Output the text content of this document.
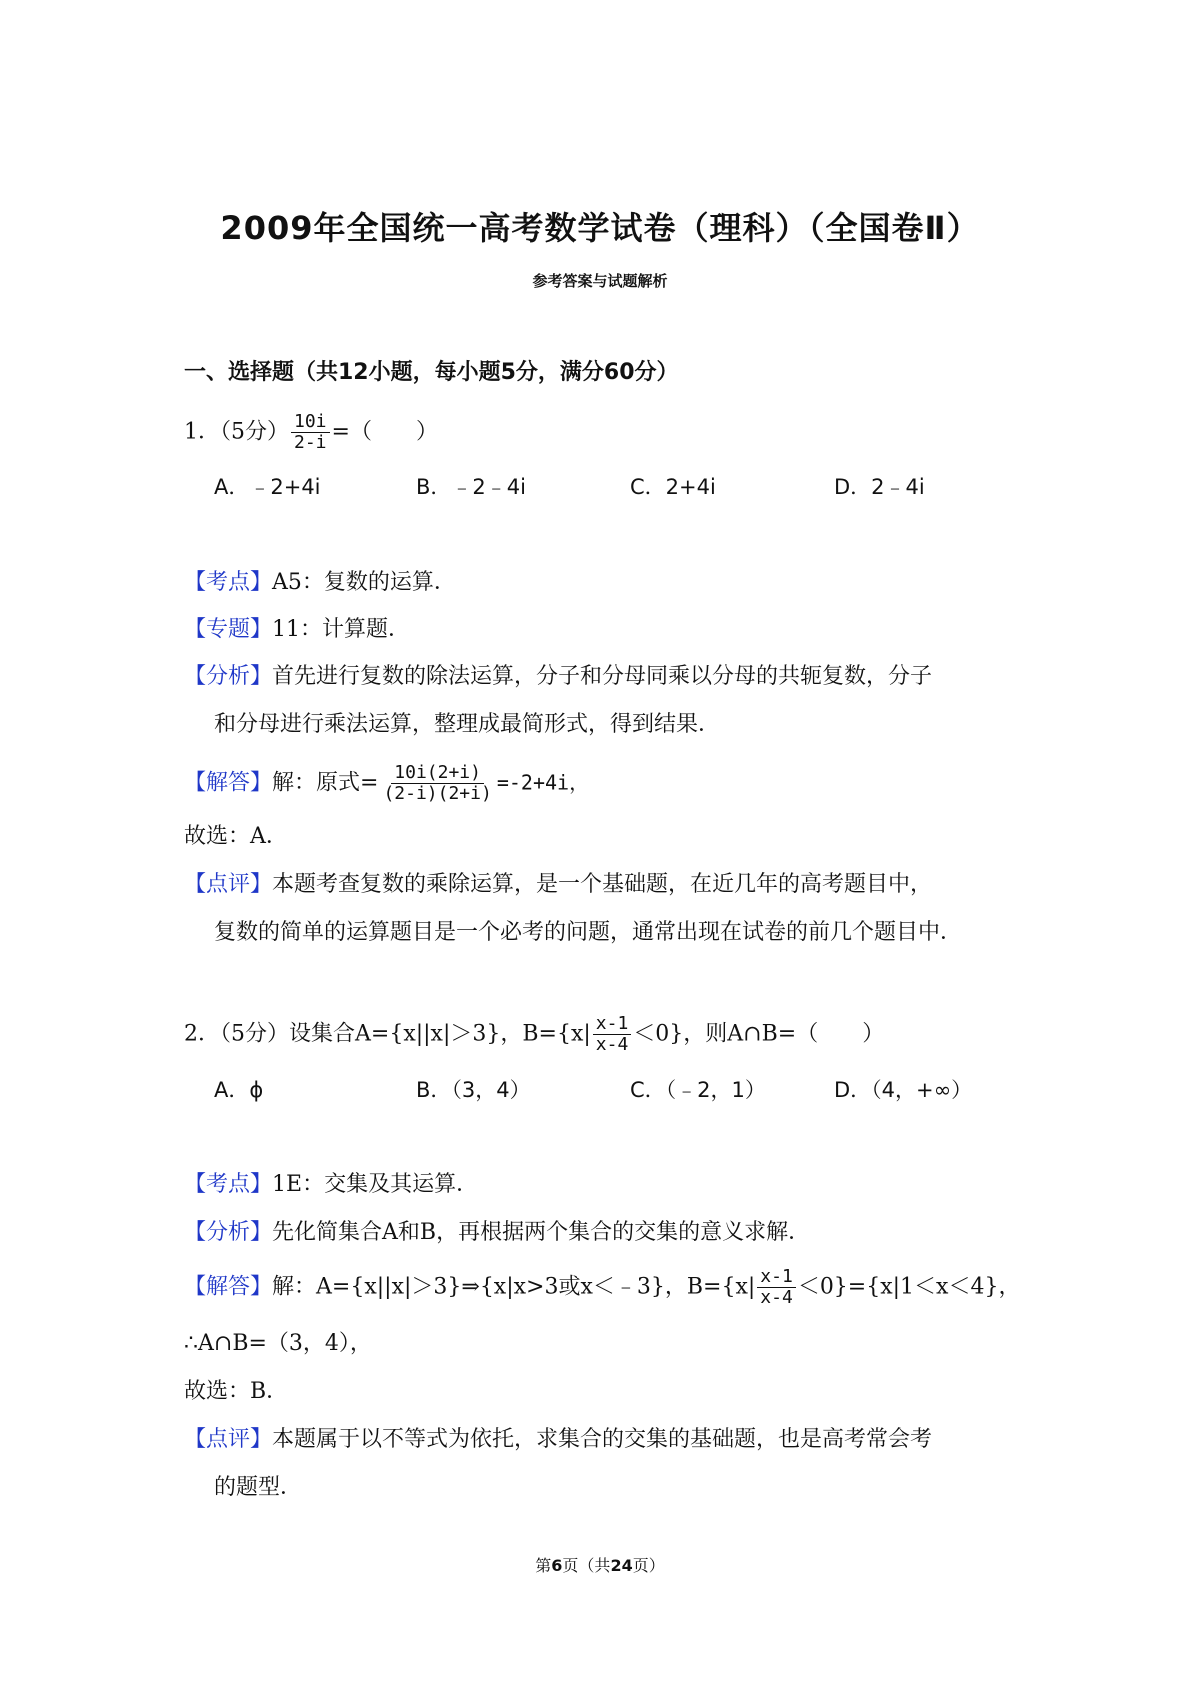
2009年全国统一高考数学试卷（理科）（全国卷Ⅱ）
参考答案与试题解析
一、选择题（共12小题，每小题5分，满分60分）
1．（5分） $\frac{10i}{2-i}$ =（　　）
A．﹣2+4i	B．﹣2﹣4i	C．2+4i	D．2﹣4i
【考点】A5：复数的运算．
【专题】11：计算题．
【分析】首先进行复数的除法运算，分子和分母同乘以分母的共轭复数，分子
和分母进行乘法运算，整理成最简形式，得到结果．
【解答】解：原式= $\frac{10i(2+i)}{(2-i)(2+i)} =-2+4i$，
故选：A．
【点评】本题考查复数的乘除运算，是一个基础题，在近几年的高考题目中，
复数的简单的运算题目是一个必考的问题，通常出现在试卷的前几个题目中．
2．（5分）设集合A={x||x|＞3}，$B=\{x| \frac{x-1}{x-4} <0\}$，则A∩B=（　　）
A．ϕ	B．（3，4）	C．（﹣2，1）	D．（4，+∞）
【考点】1E：交集及其运算．
【分析】先化简集合A和B，再根据两个集合的交集的意义求解．
【解答】解：A={x||x|＞3}⇒{x|x>3或x＜﹣3}，$B=\{x| \frac{x-1}{x-4} <0\}=\{x|1<x<4\}$，
∴A∩B=（3，4），
故选：B．
【点评】本题属于以不等式为依托，求集合的交集的基础题，也是高考常会考
的题型．
第6页（共24页）
